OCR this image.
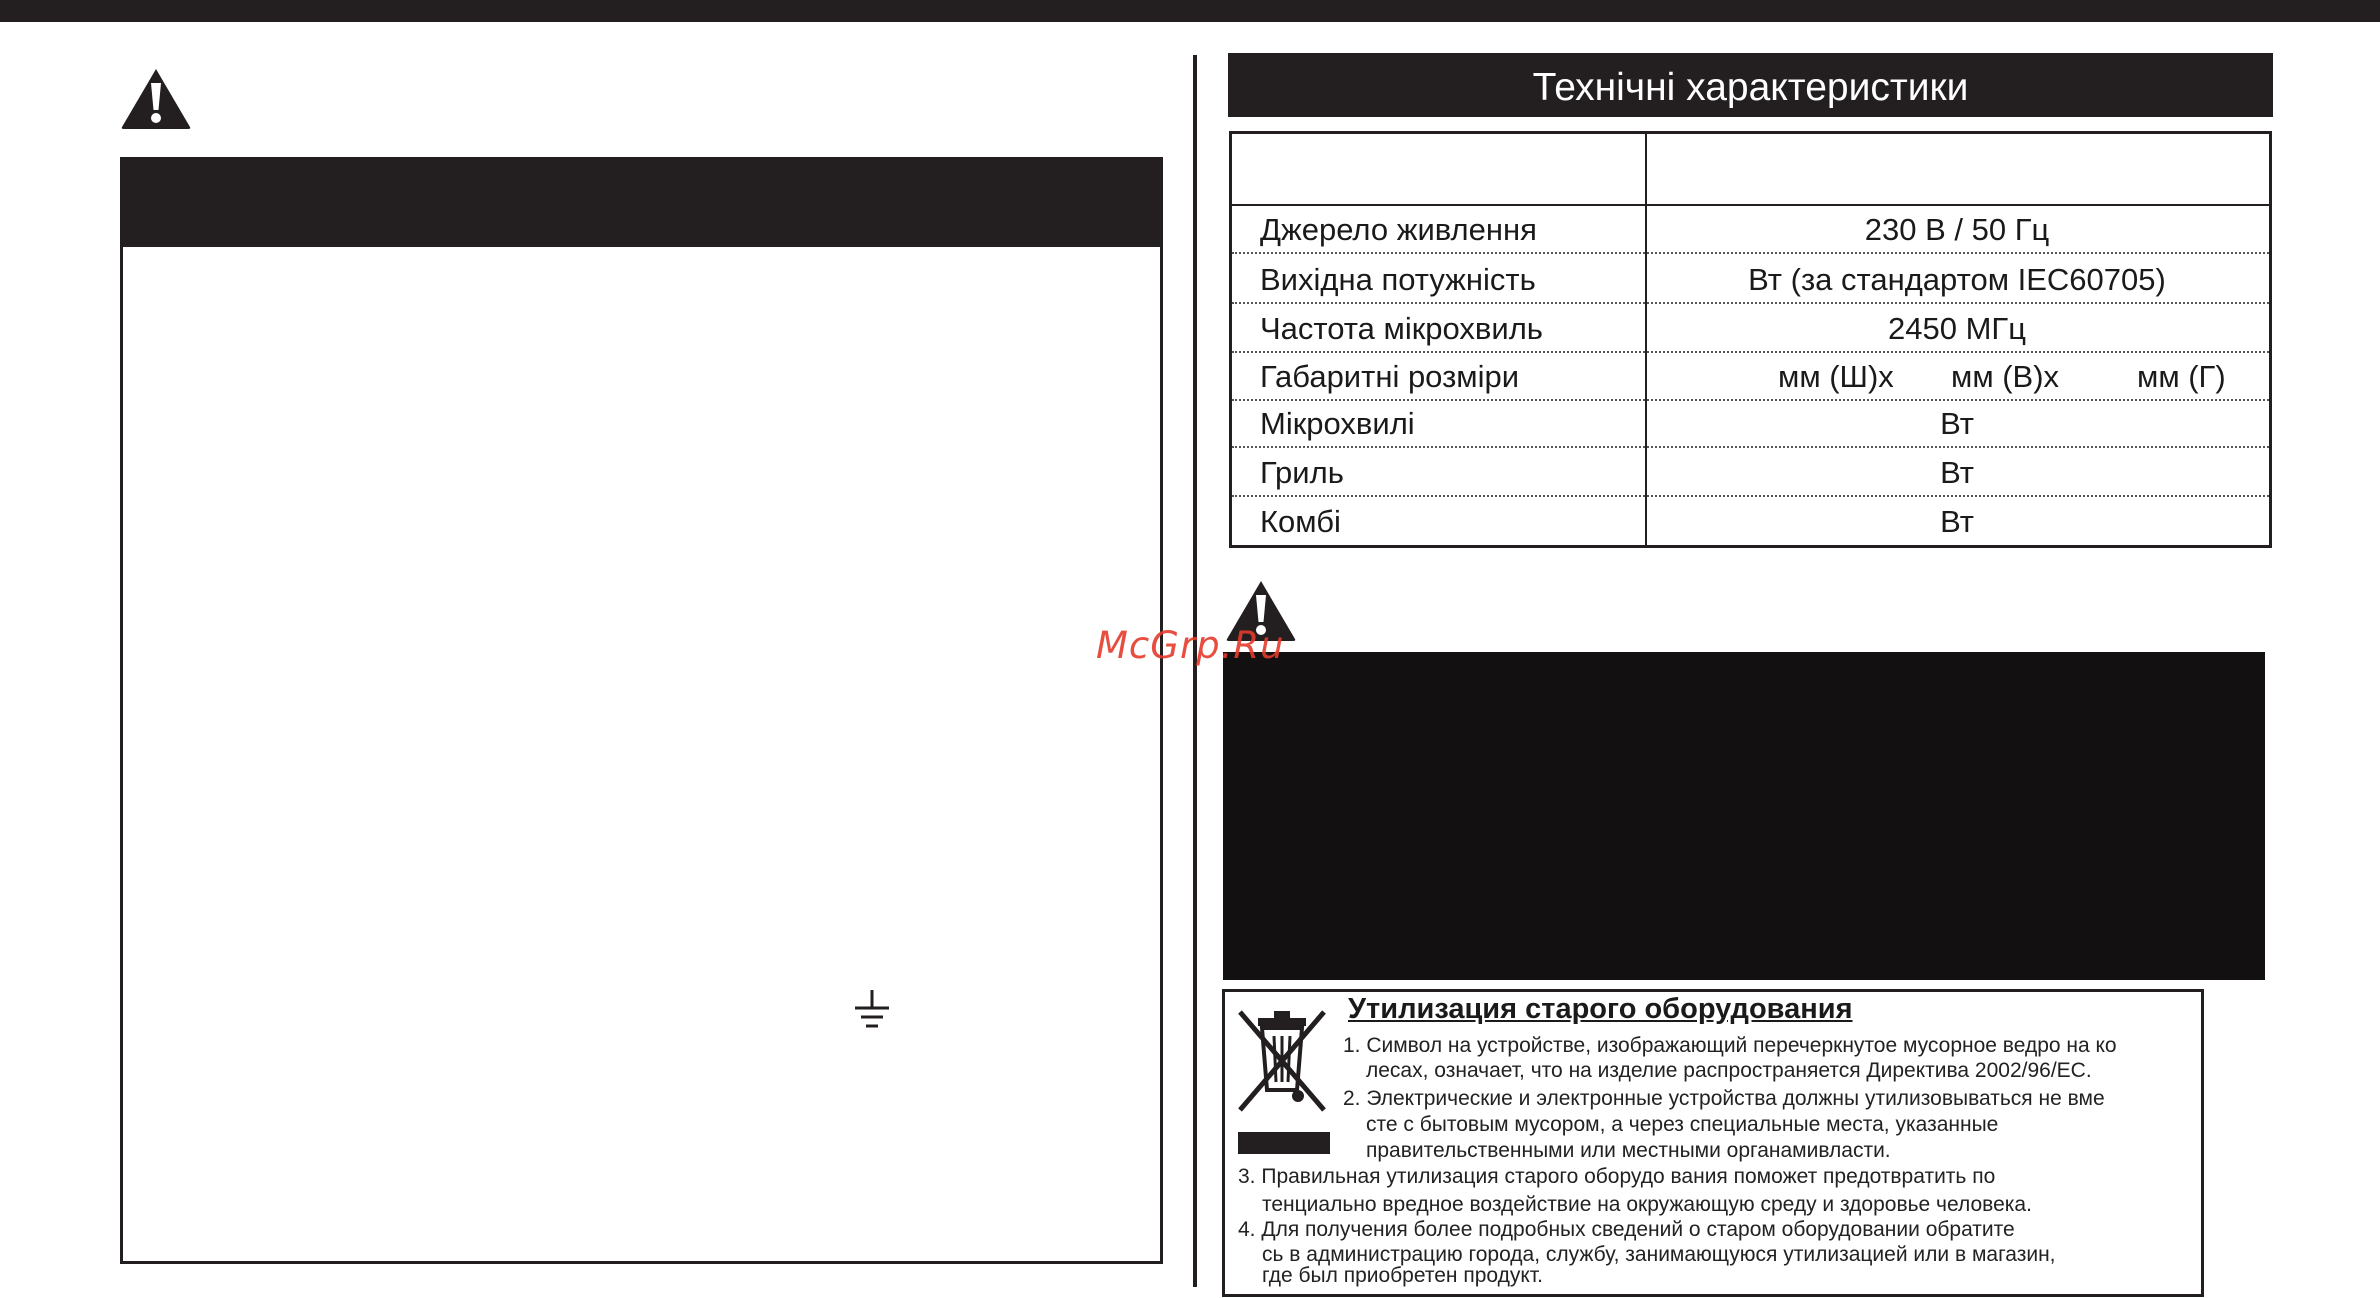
Технічні характеристики
Джерело живлення	230 В / 50 Гц
Вихідна потужність	Вт (за стандартом IEC60705)
Частота мікрохвиль	2450 МГц
Габаритні розміри	мм (Ш)х мм (В)х	мм (Г)
Мікрохвилі	Вт
Гриль	Вт
Комбі	Вт
McGrp.Ru
Утилизация старого оборудования
1. Символ на устройстве, изображающий перечеркнутое мусорное ведро на ко
лесах, означает, что на изделие распространяется Директива 2002/96/ЕС.
2. Электрические и электронные устройства должны утилизовываться не вме
сте с бытовым мусором, а через специальные места, указанные
правительственными или местными органамивласти.
3. Правильная утилизация старого оборудо вания поможет предотвратить по
тенциально вредное воздействие на окружающую среду и здоровье человека.
4. Для получения более подробных сведений о старом оборудовании обратите
сь в администрацию города, службу, занимающуюся утилизацией или в магазин,
где был приобретен продукт.
